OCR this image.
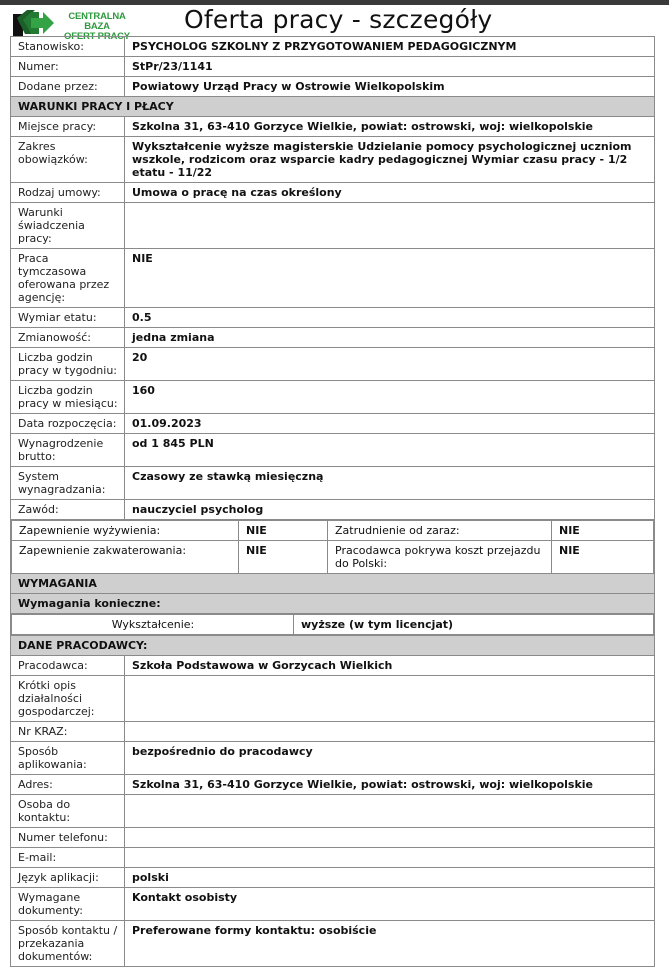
CENTRALNA BAZA
OFERT PRACY
Oferta pracy - szczegóły
Stanowisko:	PSYCHOLOG SZKOLNY Z PRZYGOTOWANIEM PEDAGOGICZNYM
Numer:	StPr/23/1141
Dodane przez:	Powiatowy Urząd Pracy w Ostrowie Wielkopolskim
WARUNKI PRACY I PŁACY
Miejsce pracy:	Szkolna 31, 63-410 Gorzyce Wielkie, powiat: ostrowski, woj: wielkopolskie
Zakres obowiązków:	Wykształcenie wyższe magisterskie Udzielanie pomocy psychologicznej uczniom wszkole, rodzicom oraz wsparcie kadry pedagogicznej Wymiar czasu pracy - 1/2 etatu - 11/22
Rodzaj umowy:	Umowa o pracę na czas określony
Warunki świadczenia pracy:	
Praca tymczasowa oferowana przez agencję:	NIE
Wymiar etatu:	0.5
Zmianowość:	jedna zmiana
Liczba godzin pracy w tygodniu:	20
Liczba godzin pracy w miesiącu:	160
Data rozpoczęcia:	01.09.2023
Wynagrodzenie brutto:	od 1 845 PLN
System wynagradzania:	Czasowy ze stawką miesięczną
Zawód:	nauczyciel psycholog

Zapewnienie wyżywienia:	NIE	Zatrudnienie od zaraz:	NIE
Zapewnienie zakwaterowania:	NIE	Pracodawca pokrywa koszt przejazdu do Polski:	NIE

WYMAGANIA
Wymagania konieczne:

Wykształcenie:	wyższe (w tym licencjat)

DANE PRACODAWCY:
Pracodawca:	Szkoła Podstawowa w Gorzycach Wielkich
Krótki opis działalności gospodarczej:	
Nr KRAZ:	
Sposób aplikowania:	bezpośrednio do pracodawcy
Adres:	Szkolna 31, 63-410 Gorzyce Wielkie, powiat: ostrowski, woj: wielkopolskie
Osoba do kontaktu:	
Numer telefonu:	
E-mail:	
Język aplikacji:	polski
Wymagane dokumenty:	Kontakt osobisty
Sposób kontaktu / przekazania dokumentów:	Preferowane formy kontaktu: osobiście
